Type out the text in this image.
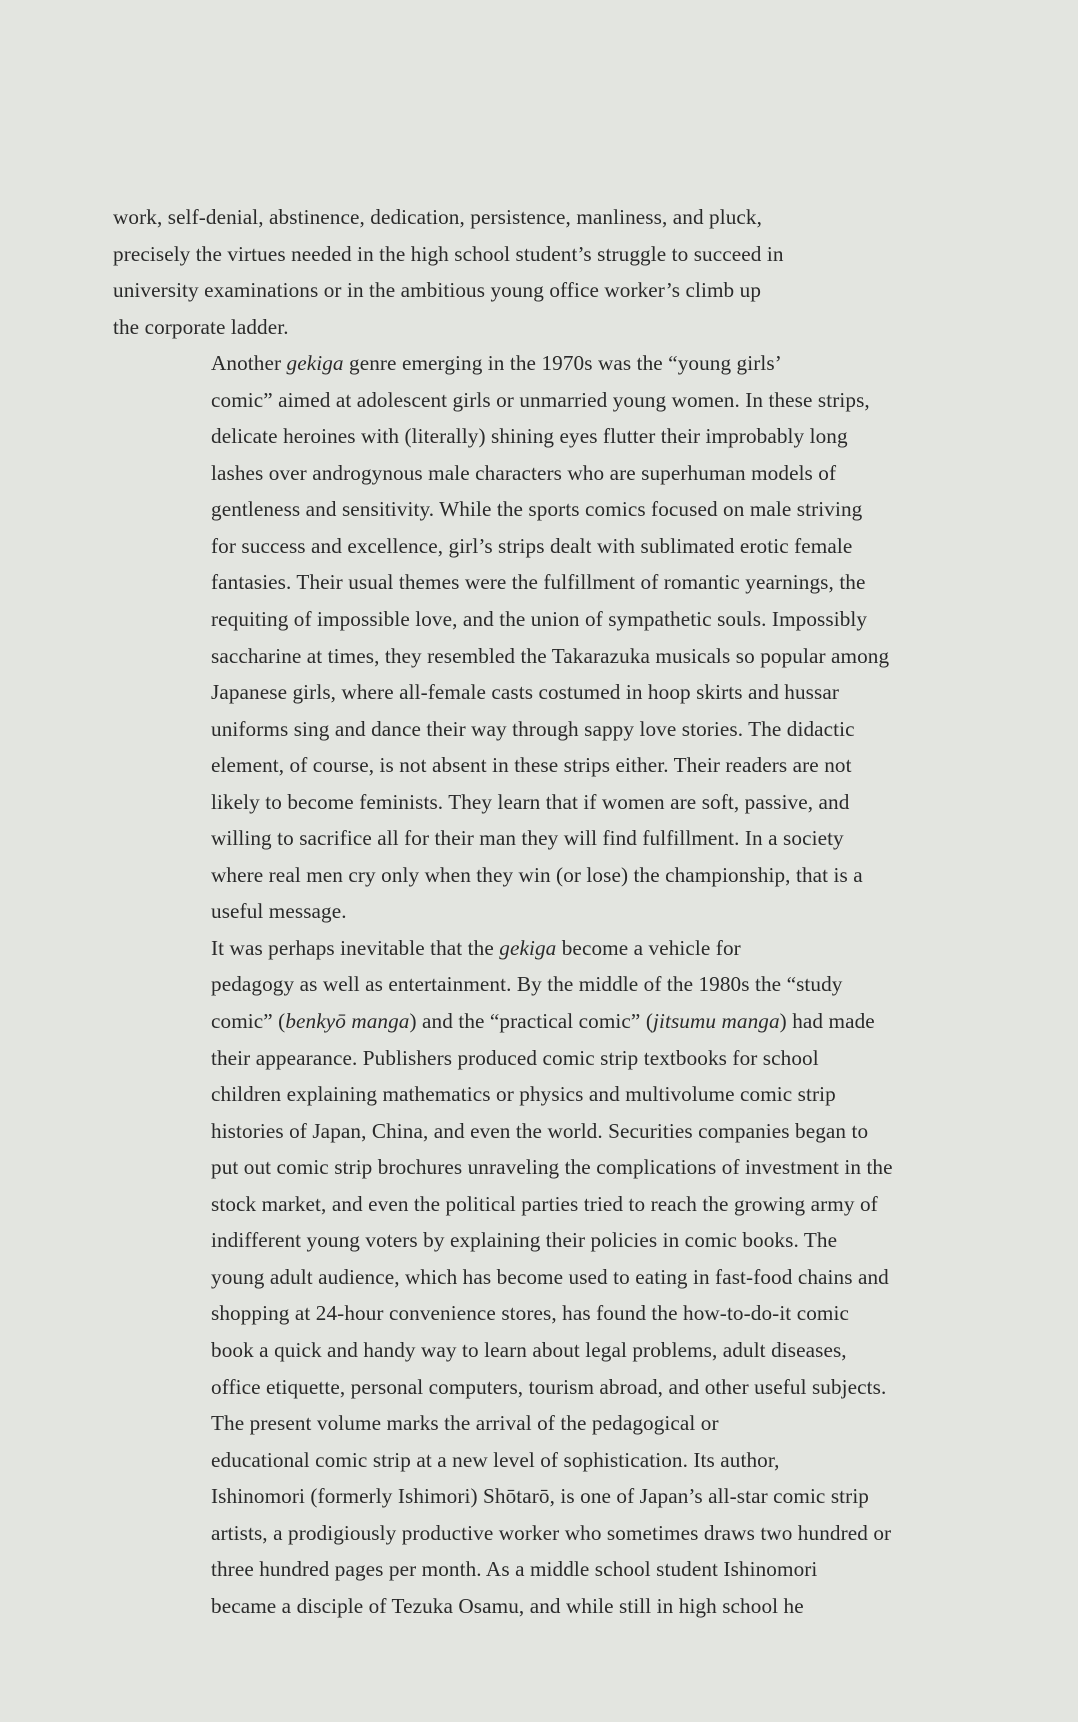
work, self-denial, abstinence, dedication, persistence, manliness, and pluck,
precisely the virtues needed in the high school student’s struggle to succeed in
university examinations or in the ambitious young office worker’s climb up
the corporate ladder.

Another gekiga genre emerging in the 1970s was the “young girls’
comic” aimed at adolescent girls or unmarried young women. In these strips,
delicate heroines with (literally) shining eyes flutter their improbably long
lashes over androgynous male characters who are superhuman models of
gentleness and sensitivity. While the sports comics focused on male striving
for success and excellence, girl’s strips dealt with sublimated erotic female
fantasies. Their usual themes were the fulfillment of romantic yearnings, the
requiting of impossible love, and the union of sympathetic souls. Impossibly
saccharine at times, they resembled the Takarazuka musicals so popular among
Japanese girls, where all-female casts costumed in hoop skirts and hussar
uniforms sing and dance their way through sappy love stories. The didactic
element, of course, is not absent in these strips either. Their readers are not
likely to become feminists. They learn that if women are soft, passive, and
willing to sacrifice all for their man they will find fulfillment. In a society
where real men cry only when they win (or lose) the championship, that is a
useful message.

It was perhaps inevitable that the gekiga become a vehicle for
pedagogy as well as entertainment. By the middle of the 1980s the “study
comic” (benkyō manga) and the “practical comic” (jitsumu manga) had made
their appearance. Publishers produced comic strip textbooks for school
children explaining mathematics or physics and multivolume comic strip
histories of Japan, China, and even the world. Securities companies began to
put out comic strip brochures unraveling the complications of investment in the
stock market, and even the political parties tried to reach the growing army of
indifferent young voters by explaining their policies in comic books. The
young adult audience, which has become used to eating in fast-food chains and
shopping at 24-hour convenience stores, has found the how-to-do-it comic
book a quick and handy way to learn about legal problems, adult diseases,
office etiquette, personal computers, tourism abroad, and other useful subjects.

The present volume marks the arrival of the pedagogical or
educational comic strip at a new level of sophistication. Its author,
Ishinomori (formerly Ishimori) Shōtarō, is one of Japan’s all-star comic strip
artists, a prodigiously productive worker who sometimes draws two hundred or
three hundred pages per month. As a middle school student Ishinomori
became a disciple of Tezuka Osamu, and while still in high school he
